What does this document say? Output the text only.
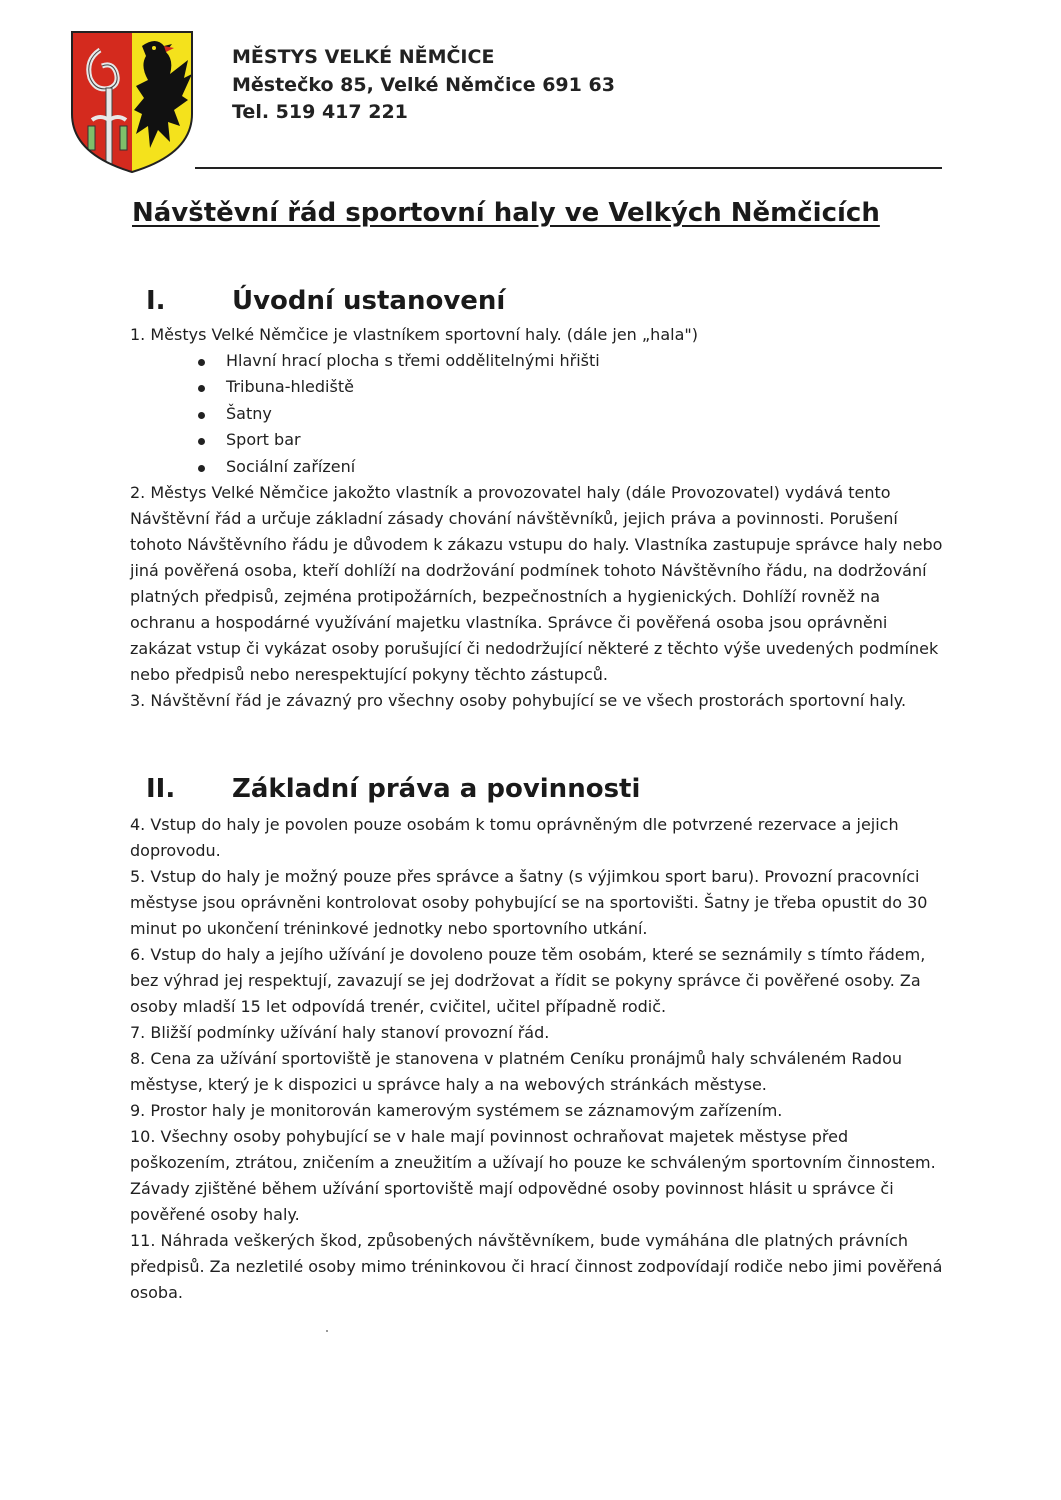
MĚSTYS VELKÉ NĚMČICE
Městečko 85, Velké Němčice 691 63
Tel. 519 417 221
Návštěvní řád sportovní haly ve Velkých Němčicích
I.	Úvodní ustanovení

1. Městys Velké Němčice je vlastníkem sportovní haly. (dále jen „hala")

Hlavní hrací plocha s třemi oddělitelnými hřišti
Tribuna-hlediště
Šatny
Sport bar
Sociální zařízení

2. Městys Velké Němčice jakožto vlastník a provozovatel haly (dále Provozovatel) vydává tento Návštěvní řád a určuje základní zásady chování návštěvníků, jejich práva a povinnosti. Porušení tohoto Návštěvního řádu je důvodem k zákazu vstupu do haly. Vlastníka zastupuje správce haly nebo jiná pověřená osoba, kteří dohlíží na dodržování podmínek tohoto Návštěvního řádu, na dodržování platných předpisů, zejména protipožárních, bezpečnostních a hygienických. Dohlíží rovněž na ochranu a hospodárné využívání majetku vlastníka. Správce či pověřená osoba jsou oprávněni zakázat vstup či vykázat osoby porušující či nedodržující některé z těchto výše uvedených podmínek nebo předpisů nebo nerespektující pokyny těchto zástupců.

3. Návštěvní řád je závazný pro všechny osoby pohybující se ve všech prostorách sportovní haly.

II. Základní práva a povinnosti

4. Vstup do haly je povolen pouze osobám k tomu oprávněným dle potvrzené rezervace a jejich doprovodu.

5. Vstup do haly je možný pouze přes správce a šatny (s výjimkou sport baru). Provozní pracovníci městyse jsou oprávněni kontrolovat osoby pohybující se na sportovišti. Šatny je třeba opustit do 30 minut po ukončení tréninkové jednotky nebo sportovního utkání.

6. Vstup do haly a jejího užívání je dovoleno pouze těm osobám, které se seznámily s tímto řádem, bez výhrad jej respektují, zavazují se jej dodržovat a řídit se pokyny správce či pověřené osoby. Za osoby mladší 15 let odpovídá trenér, cvičitel, učitel případně rodič.

7. Bližší podmínky užívání haly stanoví provozní řád.

8. Cena za užívání sportoviště je stanovena v platném Ceníku pronájmů haly schváleném Radou městyse, který je k dispozici u správce haly a na webových stránkách městyse.

9. Prostor haly je monitorován kamerovým systémem se záznamovým zařízením.

10. Všechny osoby pohybující se v hale mají povinnost ochraňovat majetek městyse před poškozením, ztrátou, zničením a zneužitím a užívají ho pouze ke schváleným sportovním činnostem. Závady zjištěné během užívání sportoviště mají odpovědné osoby povinnost hlásit u správce či pověřené osoby haly.

11. Náhrada veškerých škod, způsobených návštěvníkem, bude vymáhána dle platných právních předpisů. Za nezletilé osoby mimo tréninkovou či hrací činnost zodpovídají rodiče nebo jimi pověřená osoba.
